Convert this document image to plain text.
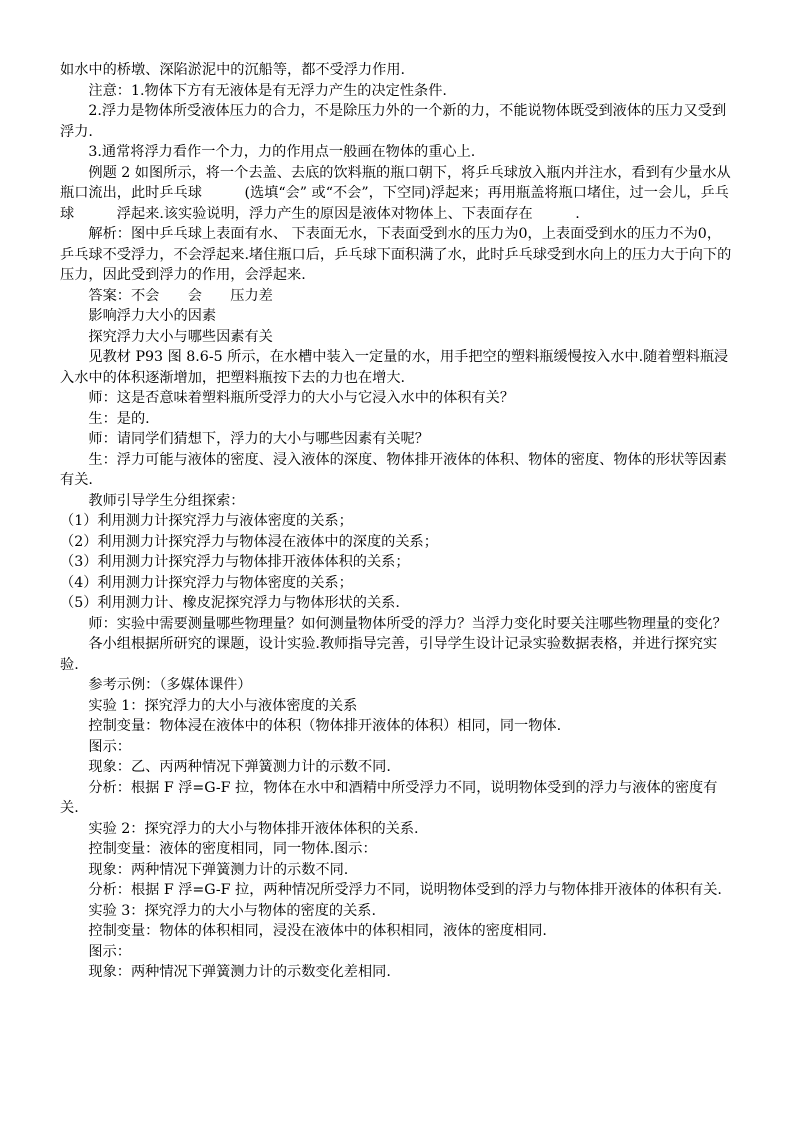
如水中的桥墩、深陷淤泥中的沉船等，都不受浮力作用.

注意：1.物体下方有无液体是有无浮力产生的决定性条件.

2.浮力是物体所受液体压力的合力，不是除压力外的一个新的力，不能说物体既受到液体的压力又受到浮力.

3.通常将浮力看作一个力，力的作用点一般画在物体的重心上.

例题 2 如图所示，将一个去盖、去底的饮料瓶的瓶口朝下，将乒乓球放入瓶内并注水，看到有少量水从瓶口流出，此时乒乓球　　　(选填“会” 或“不会”，下空同)浮起来；再用瓶盖将瓶口堵住，过一会儿，乒乓球　　　浮起来.该实验说明，浮力产生的原因是液体对物体上、下表面存在　　　.

解析：图中乒乓球上表面有水、 下表面无水，下表面受到水的压力为0，上表面受到水的压力不为0，乒乓球不受浮力，不会浮起来.堵住瓶口后，乒乓球下面积满了水，此时乒乓球受到水向上的压力大于向下的压力，因此受到浮力的作用，会浮起来.

答案：不会　　会　　压力差

影响浮力大小的因素

探究浮力大小与哪些因素有关

见教材 P93 图 8.6-5 所示，在水槽中装入一定量的水，用手把空的塑料瓶缓慢按入水中.随着塑料瓶浸入水中的体积逐渐增加，把塑料瓶按下去的力也在增大.

师：这是否意味着塑料瓶所受浮力的大小与它浸入水中的体积有关？

生：是的.

师：请同学们猜想下，浮力的大小与哪些因素有关呢？

生：浮力可能与液体的密度、浸入液体的深度、物体排开液体的体积、物体的密度、物体的形状等因素有关.

教师引导学生分组探索：

（1）利用测力计探究浮力与液体密度的关系；

（2）利用测力计探究浮力与物体浸在液体中的深度的关系；

（3）利用测力计探究浮力与物体排开液体体积的关系；

（4）利用测力计探究浮力与物体密度的关系；

（5）利用测力计、橡皮泥探究浮力与物体形状的关系.

师：实验中需要测量哪些物理量？如何测量物体所受的浮力？当浮力变化时要关注哪些物理量的变化？

各小组根据所研究的课题，设计实验.教师指导完善，引导学生设计记录实验数据表格，并进行探究实验.

参考示例：（多媒体课件）

实验 1：探究浮力的大小与液体密度的关系

控制变量：物体浸在液体中的体积（物体排开液体的体积）相同，同一物体.

图示：

现象：乙、丙两种情况下弹簧测力计的示数不同.

分析：根据 F 浮=G-F 拉，物体在水中和酒精中所受浮力不同，说明物体受到的浮力与液体的密度有关.

实验 2：探究浮力的大小与物体排开液体体积的关系.

控制变量：液体的密度相同，同一物体.图示：

现象：两种情况下弹簧测力计的示数不同.

分析：根据 F 浮=G-F 拉，两种情况所受浮力不同，说明物体受到的浮力与物体排开液体的体积有关.

实验 3：探究浮力的大小与物体的密度的关系.

控制变量：物体的体积相同，浸没在液体中的体积相同，液体的密度相同.

图示：

现象：两种情况下弹簧测力计的示数变化差相同.
